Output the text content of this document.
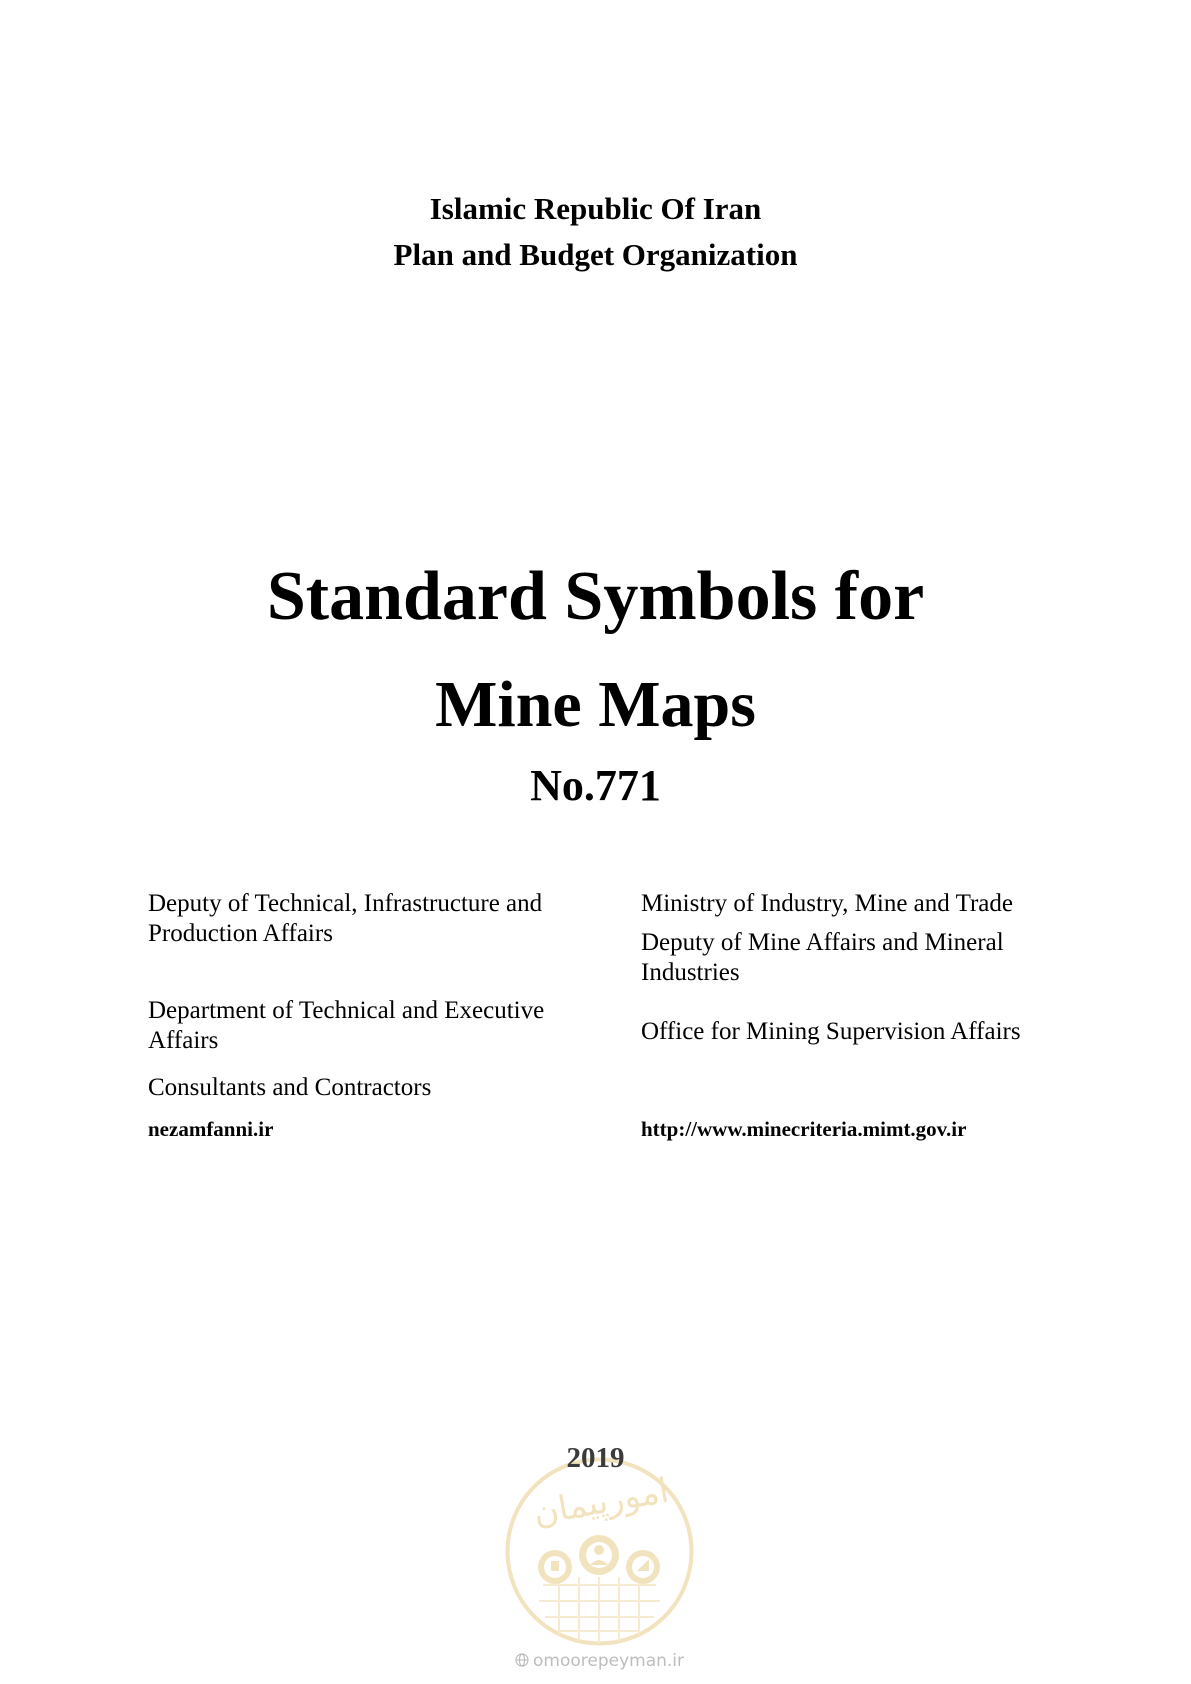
Islamic Republic Of Iran
Plan and Budget Organization
Standard Symbols for
Mine Maps
No.771
Deputy of Technical, Infrastructure and
Production Affairs
Department of Technical and Executive
Affairs
Consultants and Contractors
nezamfanni.ir
Ministry of Industry, Mine and Trade
Deputy of Mine Affairs and Mineral
Industries
Office for Mining Supervision Affairs
http://www.minecriteria.mimt.gov.ir
امورپیمان
2019
omoorepeyman.ir
